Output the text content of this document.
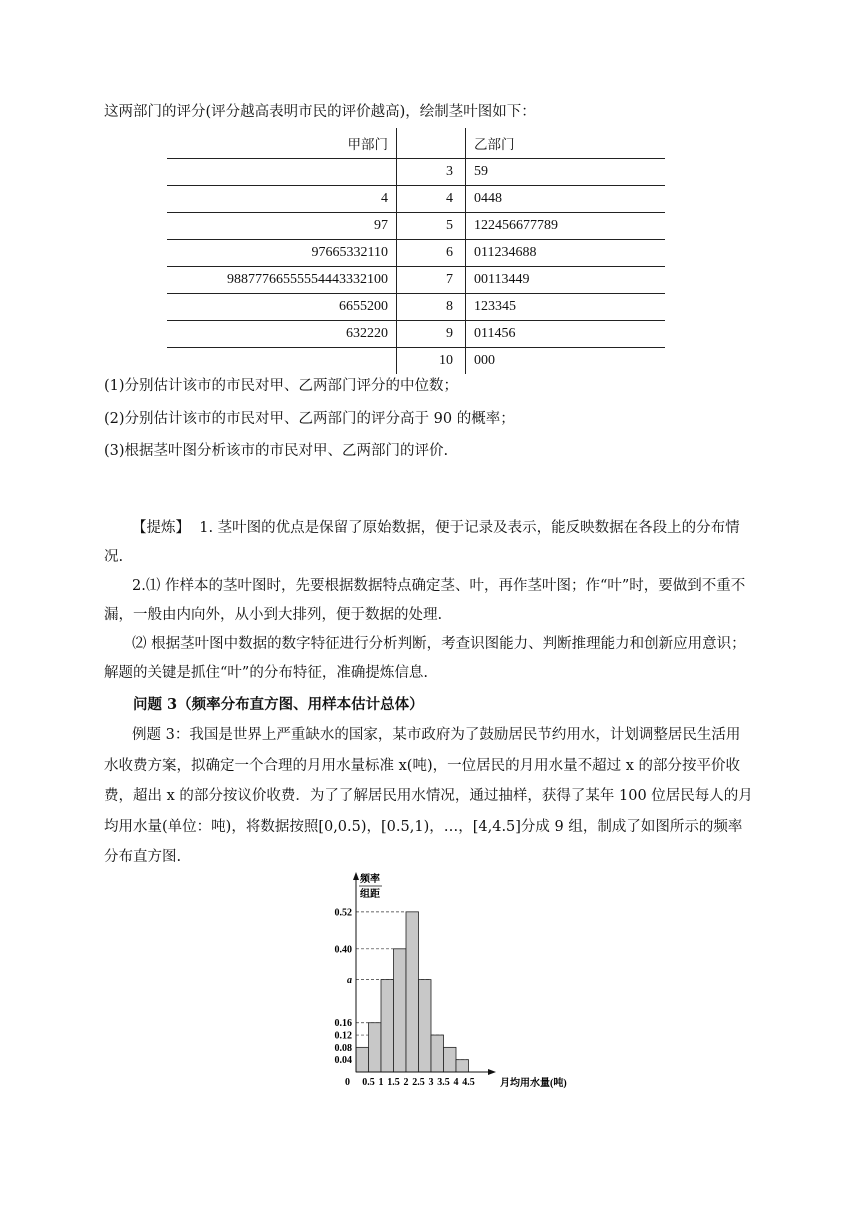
这两部门的评分(评分越高表明市民的评价越高)，绘制茎叶图如下：
甲部门		乙部门
	3	59
4	4	0448
97	5	122456677789
97665332110	6	011234688
98877766555554443332100	7	00113449
6655200	8	123345
632220	9	011456
	10	000
(1)分别估计该市的市民对甲、乙两部门评分的中位数；
(2)分别估计该市的市民对甲、乙两部门的评分高于 90 的概率；
(3)根据茎叶图分析该市的市民对甲、乙两部门的评价.
【提炼】 1. 茎叶图的优点是保留了原始数据，便于记录及表示，能反映数据在各段上的分布情况.
2.⑴ 作样本的茎叶图时，先要根据数据特点确定茎、叶，再作茎叶图；作“叶”时，要做到不重不漏，一般由内向外，从小到大排列，便于数据的处理.
⑵ 根据茎叶图中数据的数字特征进行分析判断，考查识图能力、判断推理能力和创新应用意识；解题的关键是抓住“叶”的分布特征，准确提炼信息.
问题 3（频率分布直方图、用样本估计总体）
例题 3：我国是世界上严重缺水的国家，某市政府为了鼓励居民节约用水，计划调整居民生活用水收费方案，拟确定一个合理的月用水量标准 x(吨)，一位居民的月用水量不超过 x 的部分按平价收费，超出 x 的部分按议价收费．为了了解居民用水情况，通过抽样，获得了某年 100 位居民每人的月均用水量(单位：吨)，将数据按照[0,0.5)，[0.5,1)，…，[4,4.5]分成 9 组，制成了如图所示的频率分布直方图.
0.04
0.08
0.12
0.16
a
0.40
0.52
0.5 1 1.5 2 2.5 3 3.5 4 4.5
0
频率
组距
月均用水量(吨)
